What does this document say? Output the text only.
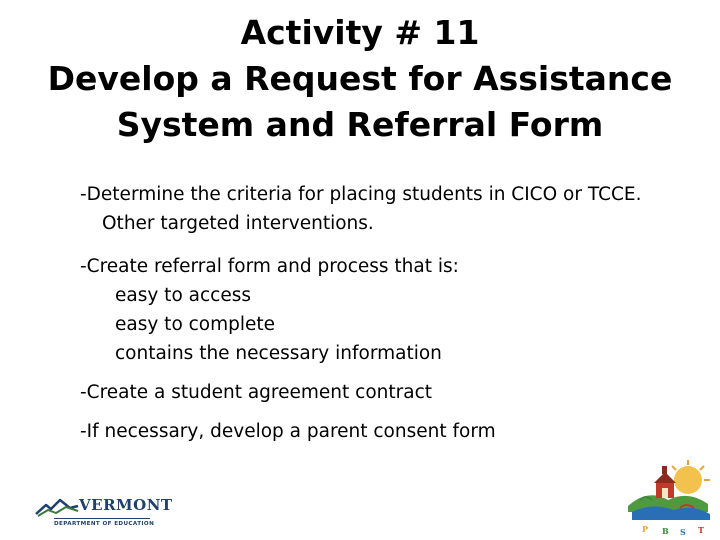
Activity # 11
Develop a Request for Assistance
System and Referral Form
-Determine the criteria for placing students in CICO or TCCE.
Other targeted interventions.
-Create referral form and process that is:
easy to access
easy to complete
contains the necessary information
-Create a student agreement contract
-If necessary, develop a parent consent form
VERMONT
DEPARTMENT OF EDUCATION	P B S T
